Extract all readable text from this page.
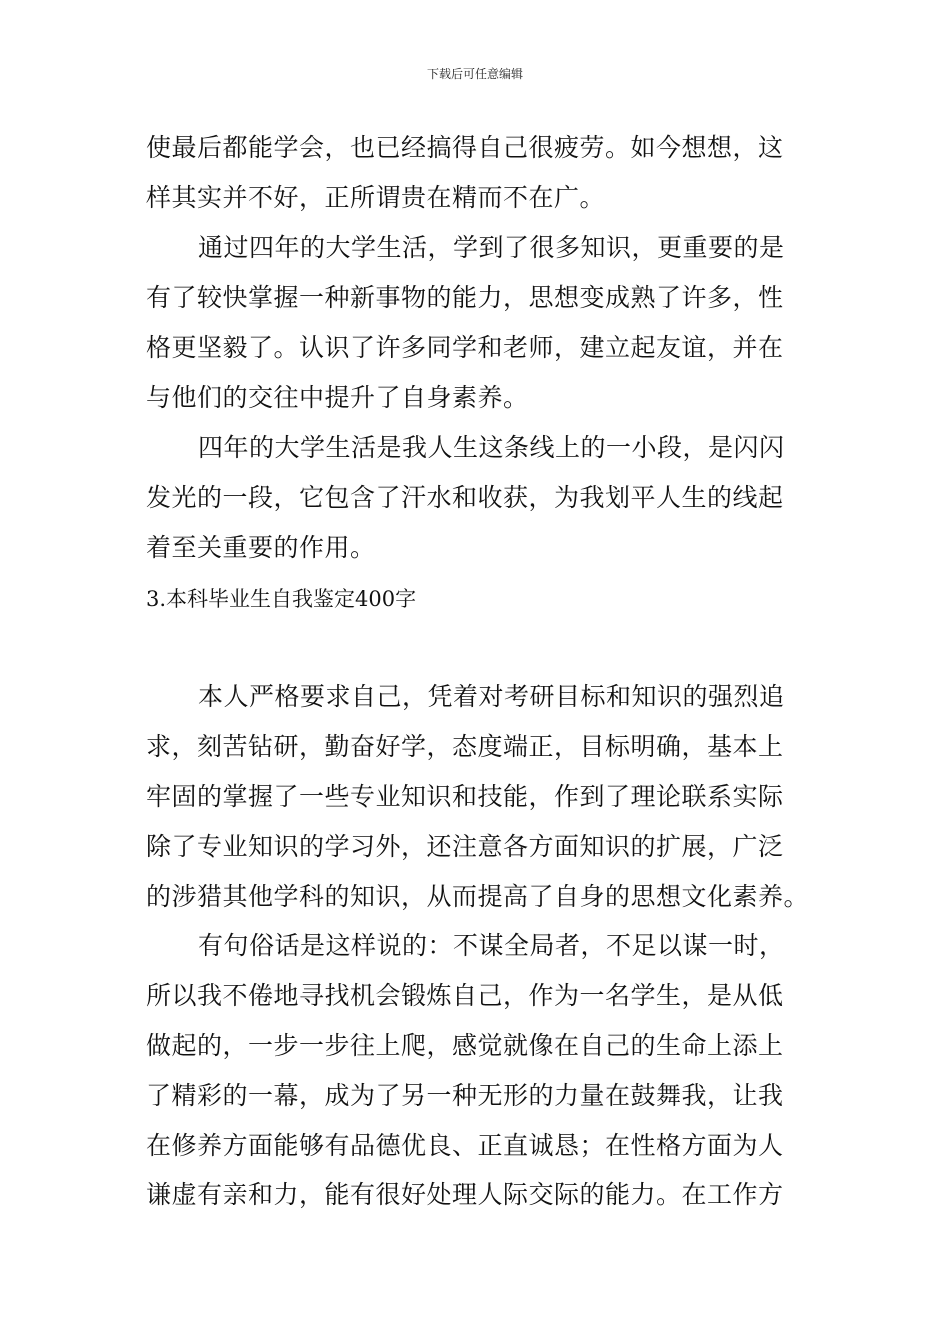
下载后可任意编辑
使最后都能学会，也已经搞得自己很疲劳。如今想想，这
样其实并不好，正所谓贵在精而不在广。
通过四年的大学生活，学到了很多知识，更重要的是
有了较快掌握一种新事物的能力，思想变成熟了许多，性
格更坚毅了。认识了许多同学和老师，建立起友谊，并在
与他们的交往中提升了自身素养。
四年的大学生活是我人生这条线上的一小段，是闪闪
发光的一段，它包含了汗水和收获，为我划平人生的线起
着至关重要的作用。
3.本科毕业生自我鉴定400字
本人严格要求自己，凭着对考研目标和知识的强烈追
求，刻苦钻研，勤奋好学，态度端正，目标明确，基本上
牢固的掌握了一些专业知识和技能，作到了理论联系实际
除了专业知识的学习外，还注意各方面知识的扩展，广泛
的涉猎其他学科的知识，从而提高了自身的思想文化素养。
有句俗话是这样说的：不谋全局者，不足以谋一时，
所以我不倦地寻找机会锻炼自己，作为一名学生，是从低
做起的，一步一步往上爬，感觉就像在自己的生命上添上
了精彩的一幕，成为了另一种无形的力量在鼓舞我，让我
在修养方面能够有品德优良、正直诚恳；在性格方面为人
谦虚有亲和力，能有很好处理人际交际的能力。在工作方
